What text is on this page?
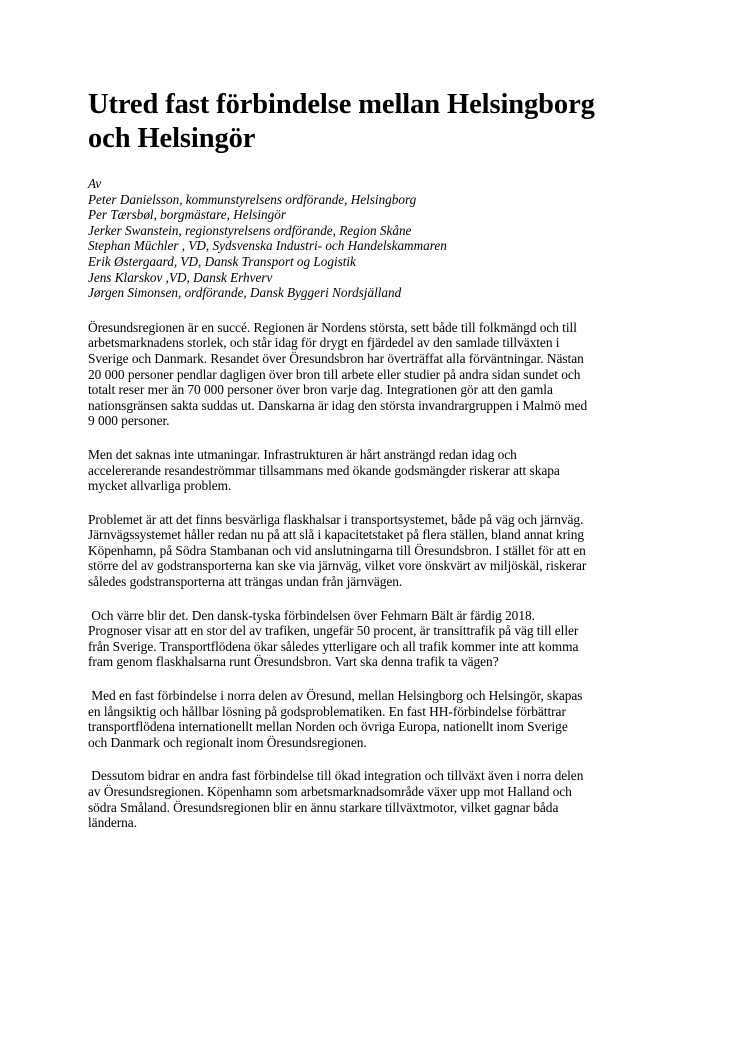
Utred fast förbindelse mellan Helsingborg
och Helsingör
Av
Peter Danielsson, kommunstyrelsens ordförande, Helsingborg
Per Tærsbøl, borgmästare, Helsingör
Jerker Swanstein, regionstyrelsens ordförande, Region Skåne
Stephan Müchler , VD, Sydsvenska Industri- och Handelskammaren
Erik Østergaard, VD, Dansk Transport og Logistik
Jens Klarskov ,VD, Dansk Erhverv
Jørgen Simonsen, ordförande, Dansk Byggeri Nordsjälland
Öresundsregionen är en succé. Regionen är Nordens största, sett både till folkmängd och till
arbetsmarknadens storlek, och står idag för drygt en fjärdedel av den samlade tillväxten i
Sverige och Danmark. Resandet över Öresundsbron har överträffat alla förväntningar. Nästan
20 000 personer pendlar dagligen över bron till arbete eller studier på andra sidan sundet och
totalt reser mer än 70 000 personer över bron varje dag. Integrationen gör att den gamla
nationsgränsen sakta suddas ut. Danskarna är idag den största invandrargruppen i Malmö med
9 000 personer.
Men det saknas inte utmaningar. Infrastrukturen är hårt ansträngd redan idag och
accelererande resandeströmmar tillsammans med ökande godsmängder riskerar att skapa
mycket allvarliga problem.
Problemet är att det finns besvärliga flaskhalsar i transportsystemet, både på väg och järnväg.
Järnvägssystemet håller redan nu på att slå i kapacitetstaket på flera ställen, bland annat kring
Köpenhamn, på Södra Stambanan och vid anslutningarna till Öresundsbron. I stället för att en
större del av godstransporterna kan ske via järnväg, vilket vore önskvärt av miljöskäl, riskerar
således godstransporterna att trängas undan från järnvägen.
Och värre blir det. Den dansk-tyska förbindelsen över Fehmarn Bält är färdig 2018.
Prognoser visar att en stor del av trafiken, ungefär 50 procent, är transittrafik på väg till eller
från Sverige. Transportflödena ökar således ytterligare och all trafik kommer inte att komma
fram genom flaskhalsarna runt Öresundsbron. Vart ska denna trafik ta vägen?
Med en fast förbindelse i norra delen av Öresund, mellan Helsingborg och Helsingör, skapas
en långsiktig och hållbar lösning på godsproblematiken. En fast HH-förbindelse förbättrar
transportflödena internationellt mellan Norden och övriga Europa, nationellt inom Sverige
och Danmark och regionalt inom Öresundsregionen.
Dessutom bidrar en andra fast förbindelse till ökad integration och tillväxt även i norra delen
av Öresundsregionen. Köpenhamn som arbetsmarknadsområde växer upp mot Halland och
södra Småland. Öresundsregionen blir en ännu starkare tillväxtmotor, vilket gagnar båda
länderna.
